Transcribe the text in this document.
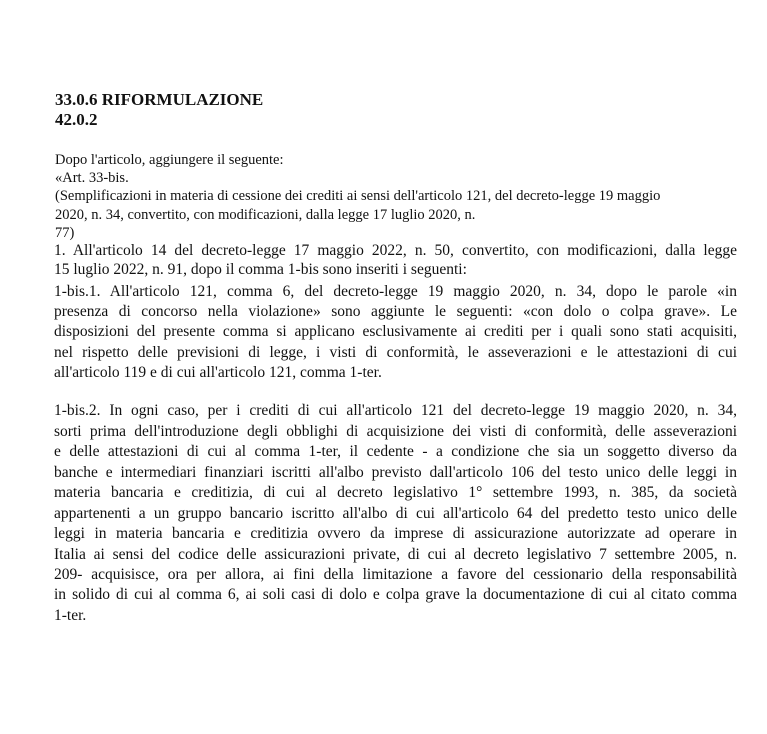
33.0.6 RIFORMULAZIONE
42.0.2
Dopo l'articolo, aggiungere il seguente:
«Art. 33-bis.
(Semplificazioni in materia di cessione dei crediti ai sensi dell'articolo 121, del decreto-legge 19 maggio
2020, n. 34, convertito, con modificazioni, dalla legge 17 luglio 2020, n.
77)
1. All'articolo 14 del decreto-legge 17 maggio 2022, n. 50, convertito, con modificazioni, dalla legge
15 luglio 2022, n. 91, dopo il comma 1-bis sono inseriti i seguenti:
1-bis.1. All'articolo 121, comma 6, del decreto-legge 19 maggio 2020, n. 34, dopo le parole «in
presenza di concorso nella violazione» sono aggiunte le seguenti: «con dolo o colpa grave». Le
disposizioni del presente comma si applicano esclusivamente ai crediti per i quali sono stati acquisiti,
nel rispetto delle previsioni di legge, i visti di conformità, le asseverazioni e le attestazioni di cui
all'articolo 119 e di cui all'articolo 121, comma 1-ter.
1-bis.2. In ogni caso, per i crediti di cui all'articolo 121 del decreto-legge 19 maggio 2020, n. 34,
sorti prima dell'introduzione degli obblighi di acquisizione dei visti di conformità, delle asseverazioni
e delle attestazioni di cui al comma 1-ter, il cedente - a condizione che sia un soggetto diverso da
banche e intermediari finanziari iscritti all'albo previsto dall'articolo 106 del testo unico delle leggi in
materia bancaria e creditizia, di cui al decreto legislativo 1° settembre 1993, n. 385, da società
appartenenti a un gruppo bancario iscritto all'albo di cui all'articolo 64 del predetto testo unico delle
leggi in materia bancaria e creditizia ovvero da imprese di assicurazione autorizzate ad operare in
Italia ai sensi del codice delle assicurazioni private, di cui al decreto legislativo 7 settembre 2005, n.
209- acquisisce, ora per allora, ai fini della limitazione a favore del cessionario della responsabilità
in solido di cui al comma 6, ai soli casi di dolo e colpa grave la documentazione di cui al citato comma
1-ter.
